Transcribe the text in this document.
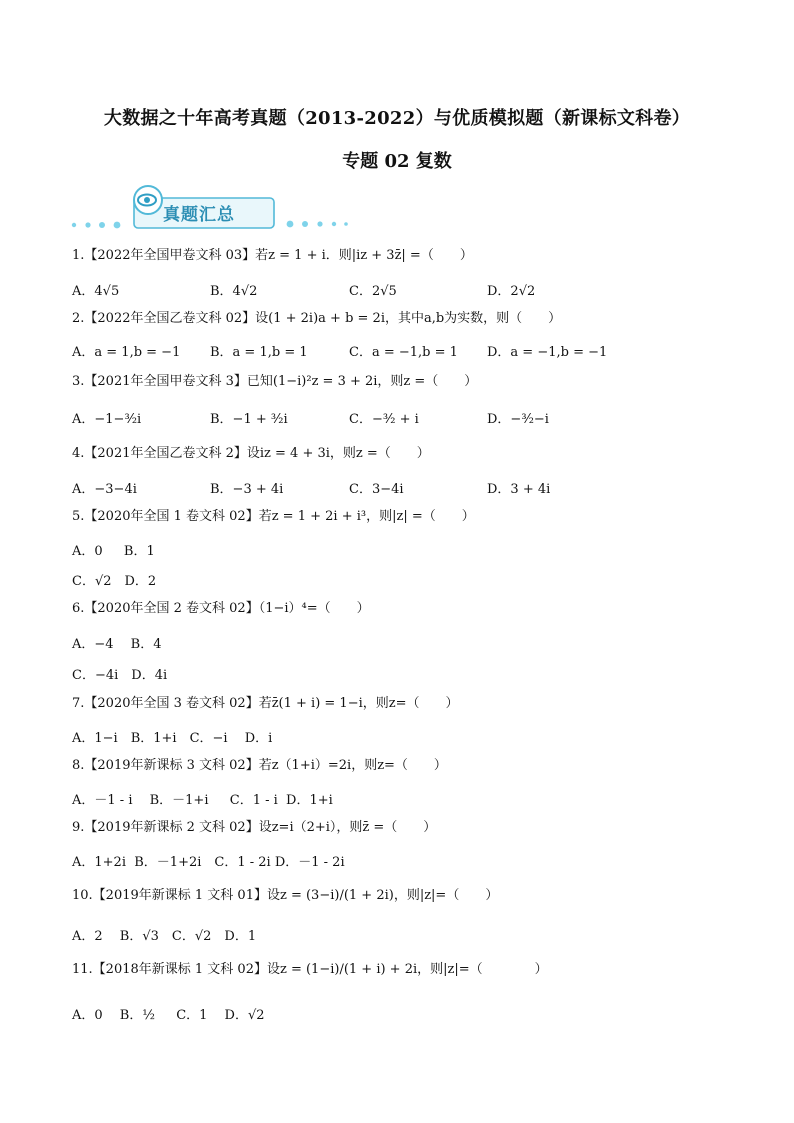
大数据之十年高考真题（2013-2022）与优质模拟题（新课标文科卷）
专题 02 复数
真题汇总
1.【2022年全国甲卷文科 03】若z = 1 + i．则|iz + 3z̄| =（　　）
A．4√5	B．4√2	C．2√5	D．2√2
2.【2022年全国乙卷文科 02】设(1 + 2i)a + b = 2i，其中a,b为实数，则（　　）
A．a = 1,b = −1 B．a = 1,b = 1	C．a = −1,b = 1 D．a = −1,b = −1
3.【2021年全国甲卷文科 3】已知(1−i)²z = 3 + 2i，则z =（　　）
A．−1−³⁄₂i	B．−1 + ³⁄₂i	C．−³⁄₂ + i	D．−³⁄₂−i
4.【2021年全国乙卷文科 2】设iz = 4 + 3i，则z =（　　）
A．−3−4i	B．−3 + 4i	C．3−4i	D．3 + 4i
5.【2020年全国 1 卷文科 02】若z = 1 + 2i + i³，则|z| =（　　）
A．0　  B．1
C．√2　D．2
6.【2020年全国 2 卷文科 02】（1−i）⁴=（　　）
A．−4　 B．4
C．−4i　D．4i
7.【2020年全国 3 卷文科 02】若z̄(1 + i) = 1−i，则z=（　　）
A．1−i　B．1+i　C．−i　 D．i
8.【2019年新课标 3 文科 02】若z（1+i）=2i，则z=（　　）
A．－1 - i　 B．－1+i　  C．1 - i  D．1+i
9.【2019年新课标 2 文科 02】设z=i（2+i），则z̄ =（　　）
A．1+2i  B．－1+2i　C．1 - 2i D．－1 - 2i
10.【2019年新课标 1 文科 01】设z = (3−i)/(1 + 2i)，则|z|=（　　）
A．2　 B．√3　C．√2　D．1
11.【2018年新课标 1 文科 02】设z = (1−i)/(1 + i) + 2i，则|z|=（　　　　）
A．0　 B．½　  C．1　 D．√2
